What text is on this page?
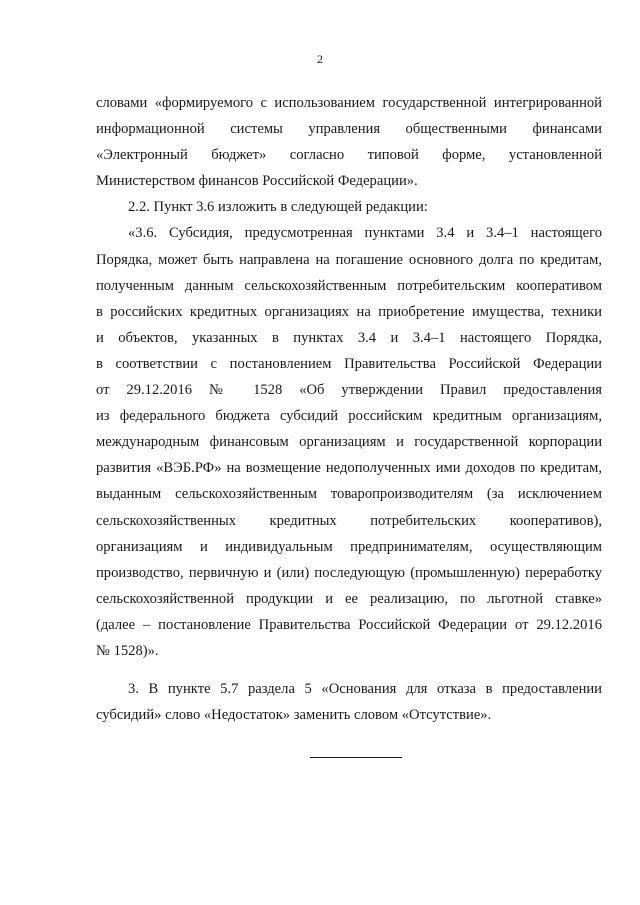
2

словами «формируемого с использованием государственной интегрированной

информационной системы управления общественными финансами

«Электронный бюджет» согласно типовой форме, установленной

Министерством финансов Российской Федерации».

2.2. Пункт 3.6 изложить в следующей редакции:

«3.6. Субсидия, предусмотренная пунктами 3.4 и 3.4–1 настоящего

Порядка, может быть направлена на погашение основного долга по кредитам,

полученным данным сельскохозяйственным потребительским кооперативом

в российских кредитных организациях на приобретение имущества, техники

и объектов, указанных в пунктах 3.4 и 3.4–1 настоящего Порядка,

в соответствии с постановлением Правительства Российской Федерации

от 29.12.2016 № 1528 «Об утверждении Правил предоставления

из федерального бюджета субсидий российским кредитным организациям,

международным финансовым организациям и государственной корпорации

развития «ВЭБ.РФ» на возмещение недополученных ими доходов по кредитам,

выданным сельскохозяйственным товаропроизводителям (за исключением

сельскохозяйственных кредитных потребительских кооперативов),

организациям и индивидуальным предпринимателям, осуществляющим

производство, первичную и (или) последующую (промышленную) переработку

сельскохозяйственной продукции и ее реализацию, по льготной ставке»

(далее – постановление Правительства Российской Федерации от 29.12.2016

№ 1528)».

3. В пункте 5.7 раздела 5 «Основания для отказа в предоставлении

субсидий» слово «Недостаток» заменить словом «Отсутствие».
